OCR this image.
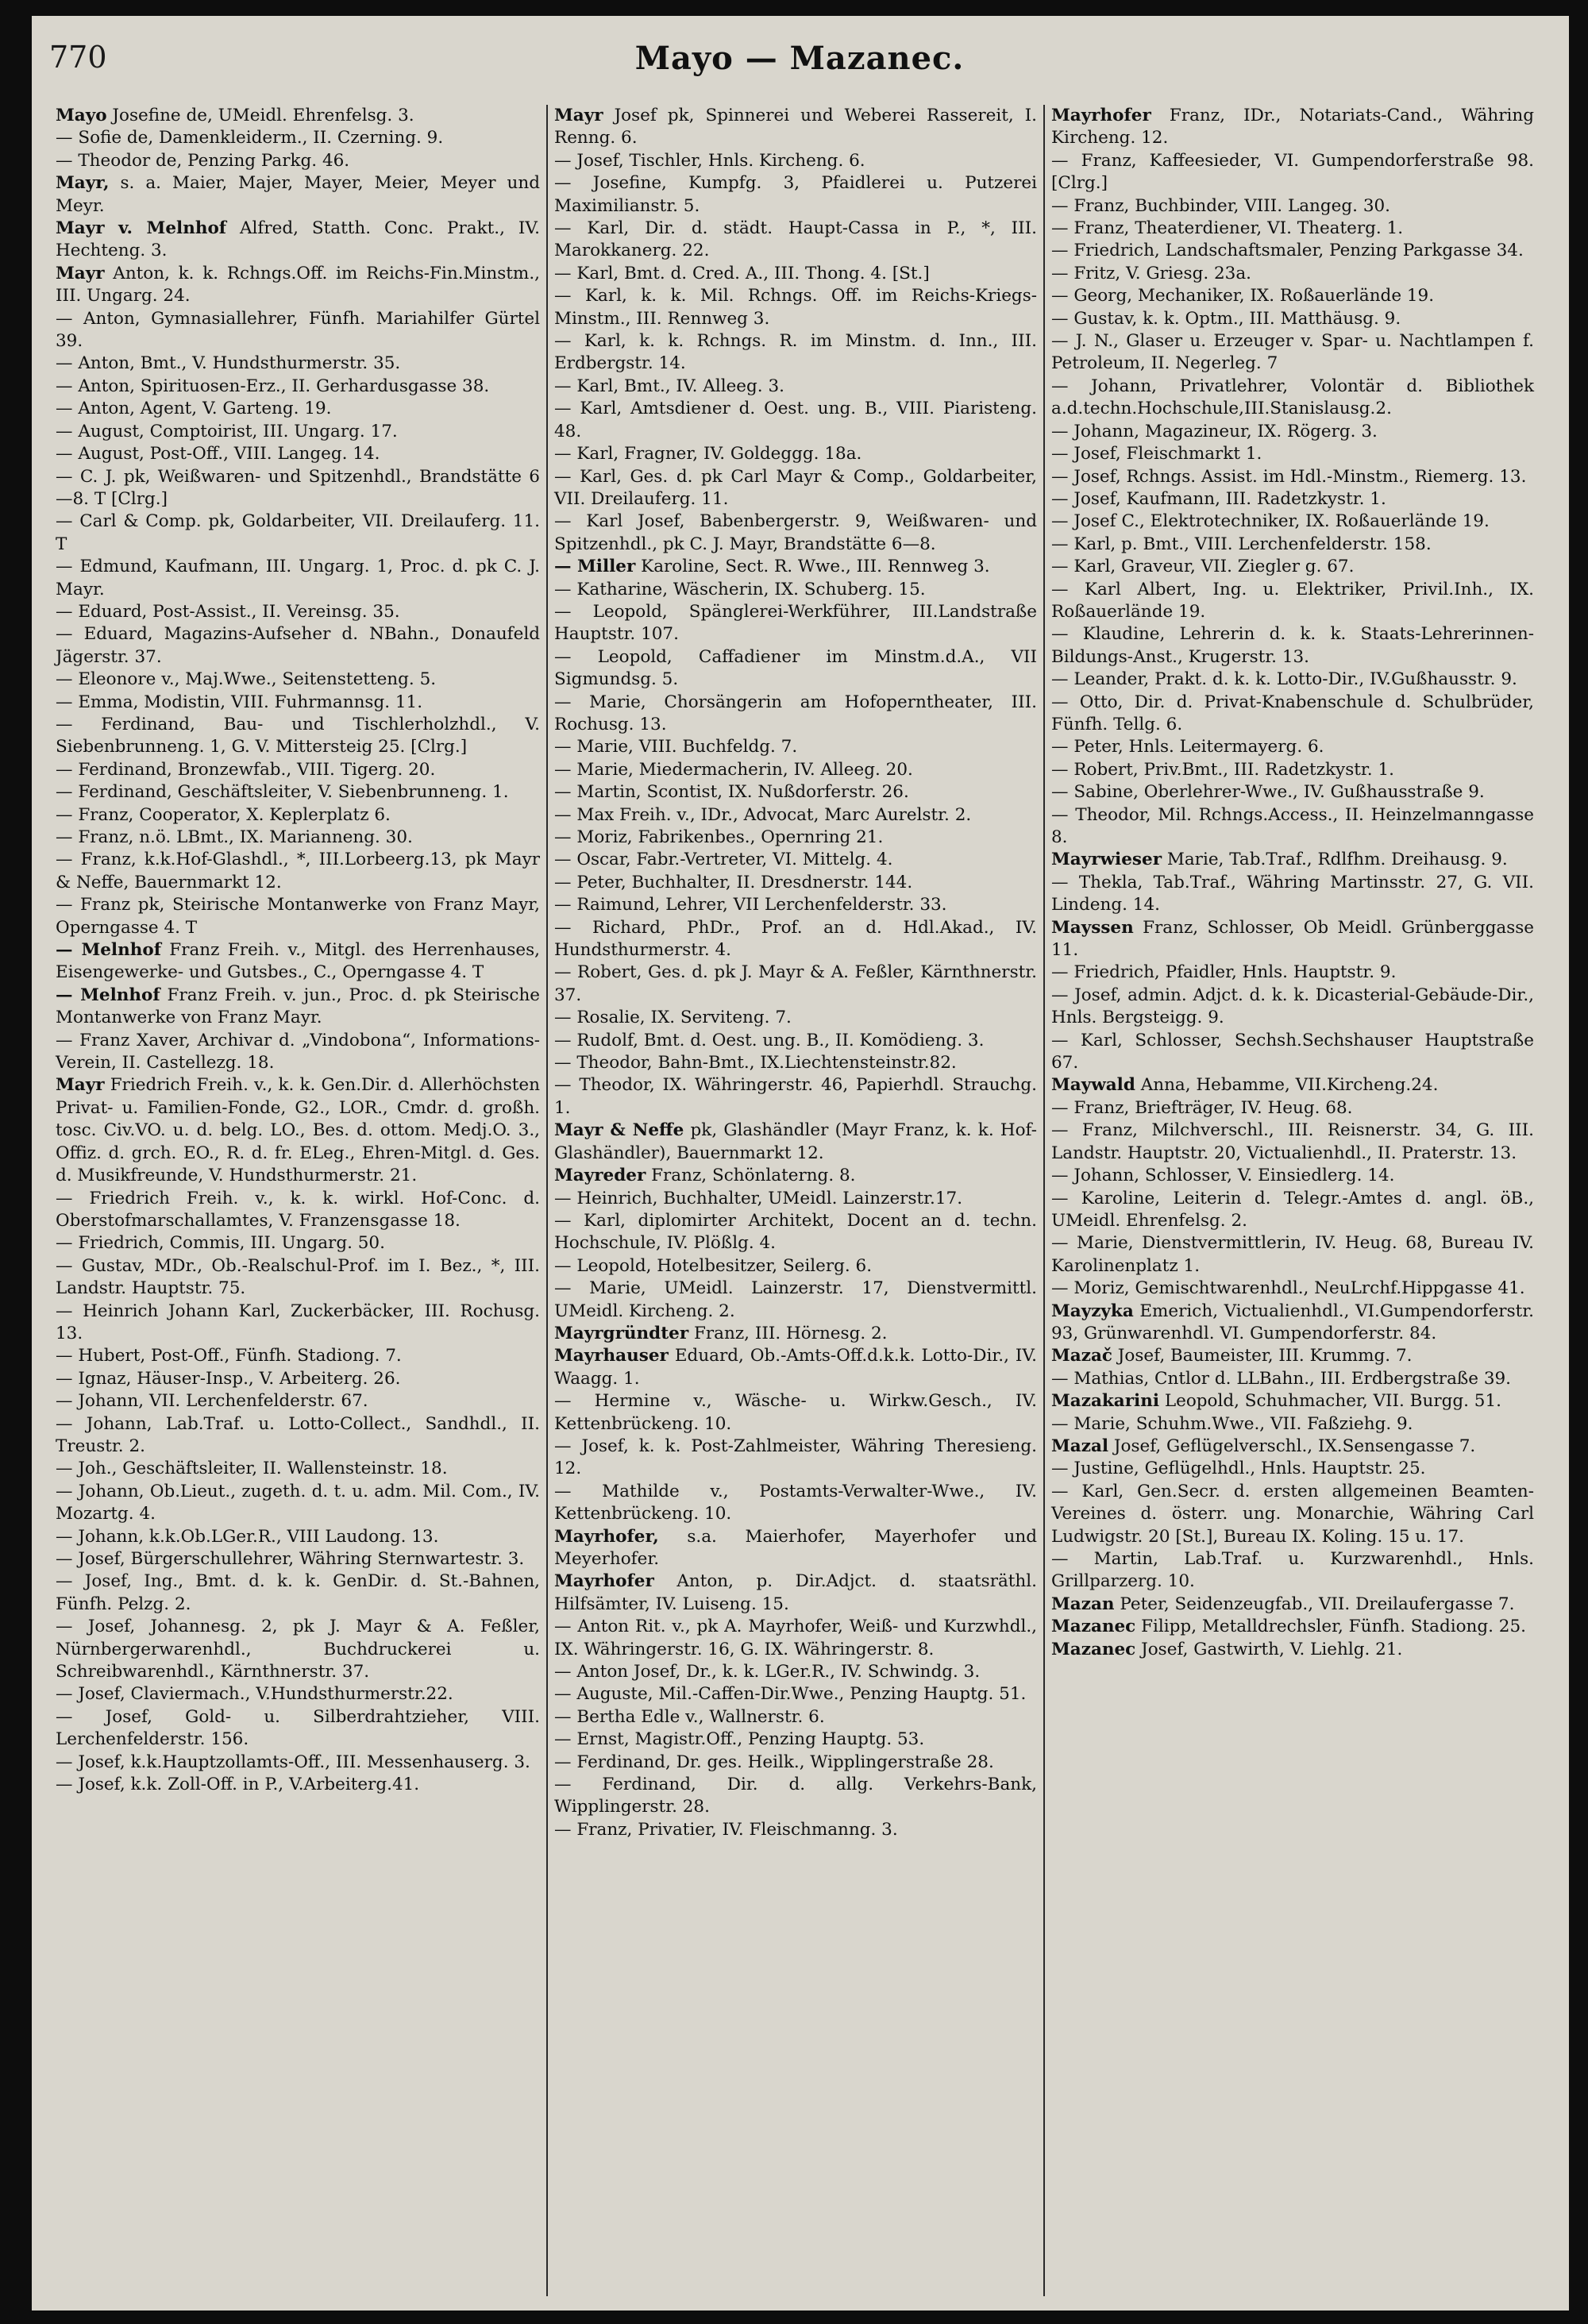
770	Mayo — Mazanec.

Mayo Josefine de, UMeidl. Ehrenfelsg. 3.

— Sofie de, Damenkleiderm., II. Czerning. 9.

— Theodor de, Penzing Parkg. 46.

Mayr, s. a. Maier, Majer, Mayer, Meier, Meyer und Meyr.

Mayr v. Melnhof Alfred, Statth. Conc. Prakt., IV. Hechteng. 3.

Mayr Anton, k. k. Rchngs.Off. im Reichs-Fin.Minstm., III. Ungarg. 24.

— Anton, Gymnasiallehrer, Fünfh. Mariahilfer Gürtel 39.

— Anton, Bmt., V. Hundsthurmerstr. 35.

— Anton, Spirituosen-Erz., II. Gerhardusgasse 38.

— Anton, Agent, V. Garteng. 19.

— August, Comptoirist, III. Ungarg. 17.

— August, Post-Off., VIII. Langeg. 14.

— C. J. pk, Weißwaren- und Spitzenhdl., Brandstätte 6—8. T [Clrg.]

— Carl & Comp. pk, Goldarbeiter, VII. Dreilauferg. 11. T

— Edmund, Kaufmann, III. Ungarg. 1, Proc. d. pk C. J. Mayr.

— Eduard, Post-Assist., II. Vereinsg. 35.

— Eduard, Magazins-Aufseher d. NBahn., Donaufeld Jägerstr. 37.

— Eleonore v., Maj.Wwe., Seitenstetteng. 5.

— Emma, Modistin, VIII. Fuhrmannsg. 11.

— Ferdinand, Bau- und Tischlerholzhdl., V. Siebenbrunneng. 1, G. V. Mittersteig 25. [Clrg.]

— Ferdinand, Bronzewfab., VIII. Tigerg. 20.

— Ferdinand, Geschäftsleiter, V. Siebenbrunneng. 1.

— Franz, Cooperator, X. Keplerplatz 6.

— Franz, n.ö. LBmt., IX. Marianneng. 30.

— Franz, k.k.Hof-Glashdl., *, III.Lorbeerg.13, pk Mayr & Neffe, Bauernmarkt 12.

— Franz pk, Steirische Montanwerke von Franz Mayr, Operngasse 4. T

— Melnhof Franz Freih. v., Mitgl. des Herrenhauses, Eisengewerke- und Gutsbes., C., Operngasse 4. T

— Melnhof Franz Freih. v. jun., Proc. d. pk Steirische Montanwerke von Franz Mayr.

— Franz Xaver, Archivar d. „Vindobona“, Informations-Verein, II. Castellezg. 18.

Mayr Friedrich Freih. v., k. k. Gen.Dir. d. Allerhöchsten Privat- u. Familien-Fonde, G2., LOR., Cmdr. d. großh. tosc. Civ.VO. u. d. belg. LO., Bes. d. ottom. Medj.O. 3., Offiz. d. grch. EO., R. d. fr. ELeg., Ehren-Mitgl. d. Ges. d. Musikfreunde, V. Hundsthurmerstr. 21.

— Friedrich Freih. v., k. k. wirkl. Hof-Conc. d. Oberstofmarschallamtes, V. Franzensgasse 18.

— Friedrich, Commis, III. Ungarg. 50.

— Gustav, MDr., Ob.-Realschul-Prof. im I. Bez., *, III. Landstr. Hauptstr. 75.

— Heinrich Johann Karl, Zuckerbäcker, III. Rochusg. 13.

— Hubert, Post-Off., Fünfh. Stadiong. 7.

— Ignaz, Häuser-Insp., V. Arbeiterg. 26.

— Johann, VII. Lerchenfelderstr. 67.

— Johann, Lab.Traf. u. Lotto-Collect., Sandhdl., II. Treustr. 2.

— Joh., Geschäftsleiter, II. Wallensteinstr. 18.

— Johann, Ob.Lieut., zugeth. d. t. u. adm. Mil. Com., IV. Mozartg. 4.

— Johann, k.k.Ob.LGer.R., VIII Laudong. 13.

— Josef, Bürgerschullehrer, Währing Sternwartestr. 3.

— Josef, Ing., Bmt. d. k. k. GenDir. d. St.-Bahnen, Fünfh. Pelzg. 2.

— Josef, Johannesg. 2, pk J. Mayr & A. Feßler, Nürnbergerwarenhdl., Buchdruckerei u. Schreibwarenhdl., Kärnthnerstr. 37.

— Josef, Claviermach., V.Hundsthurmerstr.22.

— Josef, Gold- u. Silberdrahtzieher, VIII. Lerchenfelderstr. 156.

— Josef, k.k.Hauptzollamts-Off., III. Messenhauserg. 3.

— Josef, k.k. Zoll-Off. in P., V.Arbeiterg.41.

Mayr Josef pk, Spinnerei und Weberei Rassereit, I. Renng. 6.

— Josef, Tischler, Hnls. Kircheng. 6.

— Josefine, Kumpfg. 3, Pfaidlerei u. Putzerei Maximilianstr. 5.

— Karl, Dir. d. städt. Haupt-Cassa in P., *, III. Marokkanerg. 22.

— Karl, Bmt. d. Cred. A., III. Thong. 4. [St.]

— Karl, k. k. Mil. Rchngs. Off. im Reichs-Kriegs-Minstm., III. Rennweg 3.

— Karl, k. k. Rchngs. R. im Minstm. d. Inn., III. Erdbergstr. 14.

— Karl, Bmt., IV. Alleeg. 3.

— Karl, Amtsdiener d. Oest. ung. B., VIII. Piaristeng. 48.

— Karl, Fragner, IV. Goldeggg. 18a.

— Karl, Ges. d. pk Carl Mayr & Comp., Goldarbeiter, VII. Dreilauferg. 11.

— Karl Josef, Babenbergerstr. 9, Weißwaren- und Spitzenhdl., pk C. J. Mayr, Brandstätte 6—8.

— Miller Karoline, Sect. R. Wwe., III. Rennweg 3.

— Katharine, Wäscherin, IX. Schuberg. 15.

— Leopold, Spänglerei-Werkführer, III.Landstraße Hauptstr. 107.

— Leopold, Caffadiener im Minstm.d.A., VII Sigmundsg. 5.

— Marie, Chorsängerin am Hofoperntheater, III. Rochusg. 13.

— Marie, VIII. Buchfeldg. 7.

— Marie, Miedermacherin, IV. Alleeg. 20.

— Martin, Scontist, IX. Nußdorferstr. 26.

— Max Freih. v., IDr., Advocat, Marc Aurelstr. 2.

— Moriz, Fabrikenbes., Opernring 21.

— Oscar, Fabr.-Vertreter, VI. Mittelg. 4.

— Peter, Buchhalter, II. Dresdnerstr. 144.

— Raimund, Lehrer, VII Lerchenfelderstr. 33.

— Richard, PhDr., Prof. an d. Hdl.Akad., IV. Hundsthurmerstr. 4.

— Robert, Ges. d. pk J. Mayr & A. Feßler, Kärnthnerstr. 37.

— Rosalie, IX. Serviteng. 7.

— Rudolf, Bmt. d. Oest. ung. B., II. Komödieng. 3.

— Theodor, Bahn-Bmt., IX.Liechtensteinstr.82.

— Theodor, IX. Währingerstr. 46, Papierhdl. Strauchg. 1.

Mayr & Neffe pk, Glashändler (Mayr Franz, k. k. Hof-Glashändler), Bauernmarkt 12.

Mayreder Franz, Schönlaterng. 8.

— Heinrich, Buchhalter, UMeidl. Lainzerstr.17.

— Karl, diplomirter Architekt, Docent an d. techn. Hochschule, IV. Plößlg. 4.

— Leopold, Hotelbesitzer, Seilerg. 6.

— Marie, UMeidl. Lainzerstr. 17, Dienstvermittl. UMeidl. Kircheng. 2.

Mayrgründter Franz, III. Hörnesg. 2.

Mayrhauser Eduard, Ob.-Amts-Off.d.k.k. Lotto-Dir., IV. Waagg. 1.

— Hermine v., Wäsche- u. Wirkw.Gesch., IV. Kettenbrückeng. 10.

— Josef, k. k. Post-Zahlmeister, Währing Theresieng. 12.

— Mathilde v., Postamts-Verwalter-Wwe., IV. Kettenbrückeng. 10.

Mayrhofer, s.a. Maierhofer, Mayerhofer und Meyerhofer.

Mayrhofer Anton, p. Dir.Adjct. d. staatsräthl. Hilfsämter, IV. Luiseng. 15.

— Anton Rit. v., pk A. Mayrhofer, Weiß- und Kurzwhdl., IX. Währingerstr. 16, G. IX. Währingerstr. 8.

— Anton Josef, Dr., k. k. LGer.R., IV. Schwindg. 3.

— Auguste, Mil.-Caffen-Dir.Wwe., Penzing Hauptg. 51.

— Bertha Edle v., Wallnerstr. 6.

— Ernst, Magistr.Off., Penzing Hauptg. 53.

— Ferdinand, Dr. ges. Heilk., Wipplingerstraße 28.

— Ferdinand, Dir. d. allg. Verkehrs-Bank, Wipplingerstr. 28.

— Franz, Privatier, IV. Fleischmanng. 3.

Mayrhofer Franz, IDr., Notariats-Cand., Währing Kircheng. 12.

— Franz, Kaffeesieder, VI. Gumpendorferstraße 98. [Clrg.]

— Franz, Buchbinder, VIII. Langeg. 30.

— Franz, Theaterdiener, VI. Theaterg. 1.

— Friedrich, Landschaftsmaler, Penzing Parkgasse 34.

— Fritz, V. Griesg. 23a.

— Georg, Mechaniker, IX. Roßauerlände 19.

— Gustav, k. k. Optm., III. Matthäusg. 9.

— J. N., Glaser u. Erzeuger v. Spar- u. Nachtlampen f. Petroleum, II. Negerleg. 7

— Johann, Privatlehrer, Volontär d. Bibliothek a.d.techn.Hochschule,III.Stanislausg.2.

— Johann, Magazineur, IX. Rögerg. 3.

— Josef, Fleischmarkt 1.

— Josef, Rchngs. Assist. im Hdl.-Minstm., Riemerg. 13.

— Josef, Kaufmann, III. Radetzkystr. 1.

— Josef C., Elektrotechniker, IX. Roßauerlände 19.

— Karl, p. Bmt., VIII. Lerchenfelderstr. 158.

— Karl, Graveur, VII. Ziegler g. 67.

— Karl Albert, Ing. u. Elektriker, Privil.Inh., IX. Roßauerlände 19.

— Klaudine, Lehrerin d. k. k. Staats-Lehrerinnen-Bildungs-Anst., Krugerstr. 13.

— Leander, Prakt. d. k. k. Lotto-Dir., IV.Gußhausstr. 9.

— Otto, Dir. d. Privat-Knabenschule d. Schulbrüder, Fünfh. Tellg. 6.

— Peter, Hnls. Leitermayerg. 6.

— Robert, Priv.Bmt., III. Radetzkystr. 1.

— Sabine, Oberlehrer-Wwe., IV. Gußhausstraße 9.

— Theodor, Mil. Rchngs.Access., II. Heinzelmanngasse 8.

Mayrwieser Marie, Tab.Traf., Rdlfhm. Dreihausg. 9.

— Thekla, Tab.Traf., Währing Martinsstr. 27, G. VII. Lindeng. 14.

Mayssen Franz, Schlosser, Ob Meidl. Grünberggasse 11.

— Friedrich, Pfaidler, Hnls. Hauptstr. 9.

— Josef, admin. Adjct. d. k. k. Dicasterial-Gebäude-Dir., Hnls. Bergsteigg. 9.

— Karl, Schlosser, Sechsh.Sechshauser Hauptstraße 67.

Maywald Anna, Hebamme, VII.Kircheng.24.

— Franz, Briefträger, IV. Heug. 68.

— Franz, Milchverschl., III. Reisnerstr. 34, G. III. Landstr. Hauptstr. 20, Victualienhdl., II. Praterstr. 13.

— Johann, Schlosser, V. Einsiedlerg. 14.

— Karoline, Leiterin d. Telegr.-Amtes d. angl. öB., UMeidl. Ehrenfelsg. 2.

— Marie, Dienstvermittlerin, IV. Heug. 68, Bureau IV. Karolinenplatz 1.

— Moriz, Gemischtwarenhdl., NeuLrchf.Hippgasse 41.

Mayzyka Emerich, Victualienhdl., VI.Gumpendorferstr. 93, Grünwarenhdl. VI. Gumpendorferstr. 84.

Mazač Josef, Baumeister, III. Krummg. 7.

— Mathias, Cntlor d. LLBahn., III. Erdbergstraße 39.

Mazakarini Leopold, Schuhmacher, VII. Burgg. 51.

— Marie, Schuhm.Wwe., VII. Faßziehg. 9.

Mazal Josef, Geflügelverschl., IX.Sensengasse 7.

— Justine, Geflügelhdl., Hnls. Hauptstr. 25.

— Karl, Gen.Secr. d. ersten allgemeinen Beamten-Vereines d. österr. ung. Monarchie, Währing Carl Ludwigstr. 20 [St.], Bureau IX. Koling. 15 u. 17.

— Martin, Lab.Traf. u. Kurzwarenhdl., Hnls. Grillparzerg. 10.

Mazan Peter, Seidenzeugfab., VII. Dreilaufergasse 7.

Mazanec Filipp, Metalldrechsler, Fünfh. Stadiong. 25.

Mazanec Josef, Gastwirth, V. Liehlg. 21.
